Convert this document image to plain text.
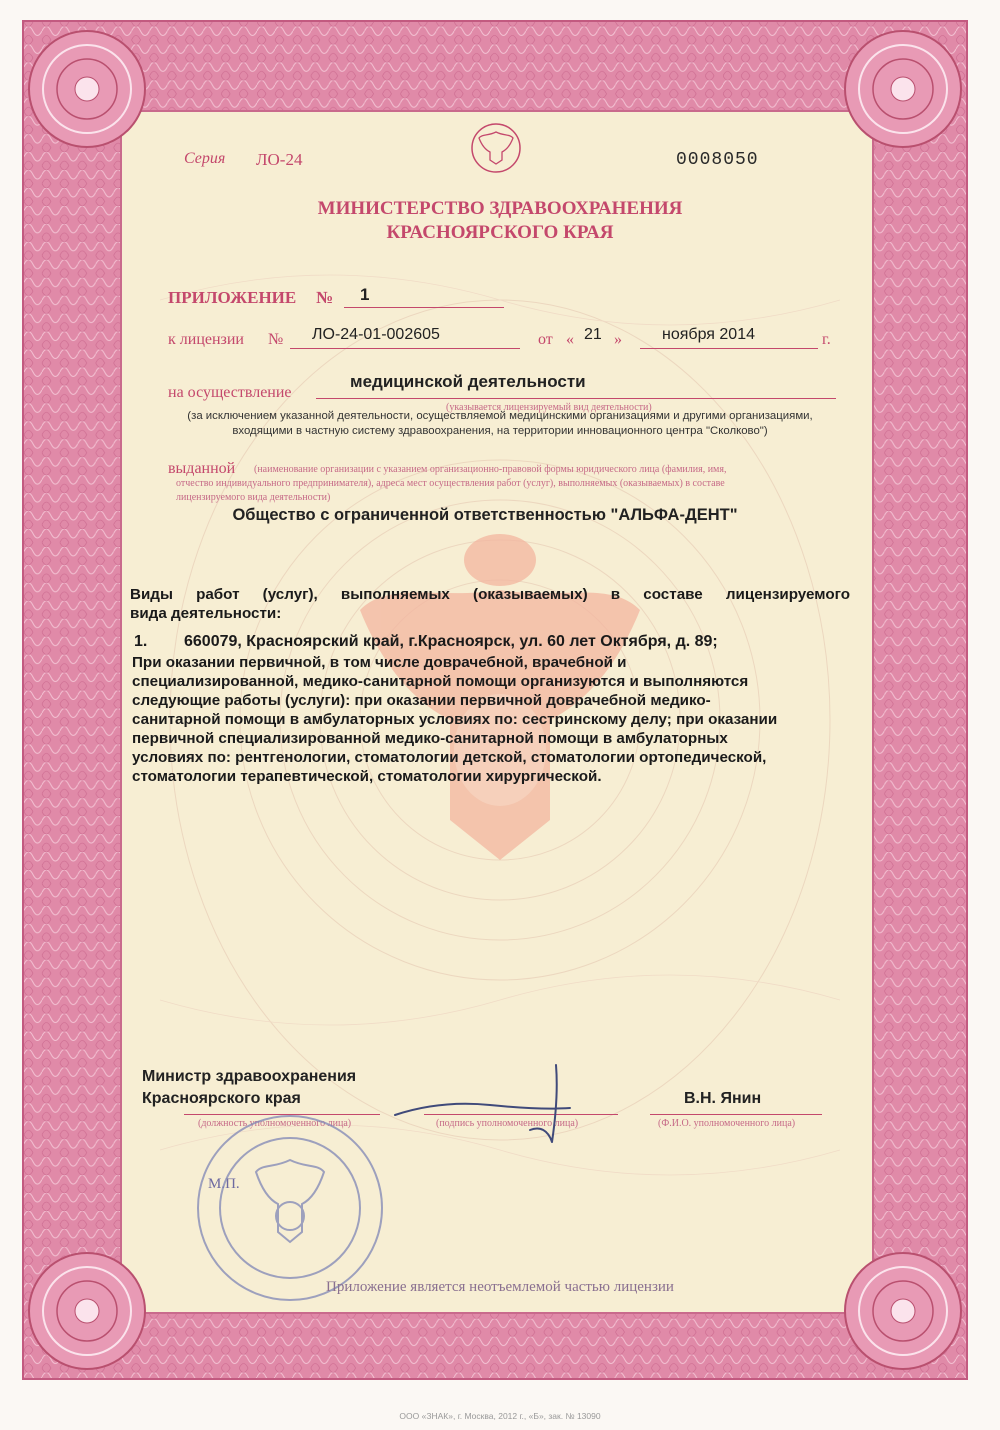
Серия ЛО-24	0008050
МИНИСТЕРСТВО ЗДРАВООХРАНЕНИЯ
КРАСНОЯРСКОГО КРАЯ
ПРИЛОЖЕНИЕ № 1
к лицензии № ЛО-24-01-002605	от « 21 »	ноября 2014	г.
на осуществление
медицинской деятельности
(указывается лицензируемый вид деятельности)
(за исключением указанной деятельности, осуществляемой медицинскими организациями и другими организациями,
входящими в частную систему здравоохранения, на территории инновационного центра "Сколково")
выданной (наименование организации с указанием организационно-правовой формы юридического лица (фамилия, имя,
отчество индивидуального предпринимателя), адреса мест осуществления работ (услуг), выполняемых (оказываемых) в составе
лицензируемого вида деятельности)
Общество с ограниченной ответственностью "АЛЬФА-ДЕНТ"
Виды работ (услуг), выполняемых (оказываемых) в составе лицензируемого
вида деятельности:
1. 660079, Красноярский край, г.Красноярск, ул. 60 лет Октября, д. 89;
При оказании первичной, в том числе доврачебной, врачебной и
специализированной, медико-санитарной помощи организуются и выполняются
следующие работы (услуги): при оказании первичной доврачебной медико-
санитарной помощи в амбулаторных условиях по: сестринскому делу; при оказании
первичной специализированной медико-санитарной помощи в амбулаторных
условиях по: рентгенологии, стоматологии детской, стоматологии ортопедической,
стоматологии терапевтической, стоматологии хирургической.
Министр здравоохранения
Красноярского края	В.Н. Янин
(должность уполномоченного лица)	(подпись уполномоченного лица)	(Ф.И.О. уполномоченного лица)
М.П.
Приложение является неотъемлемой частью лицензии
ООО «ЗНАК», г. Москва, 2012 г., «Б», зак. № 13090
